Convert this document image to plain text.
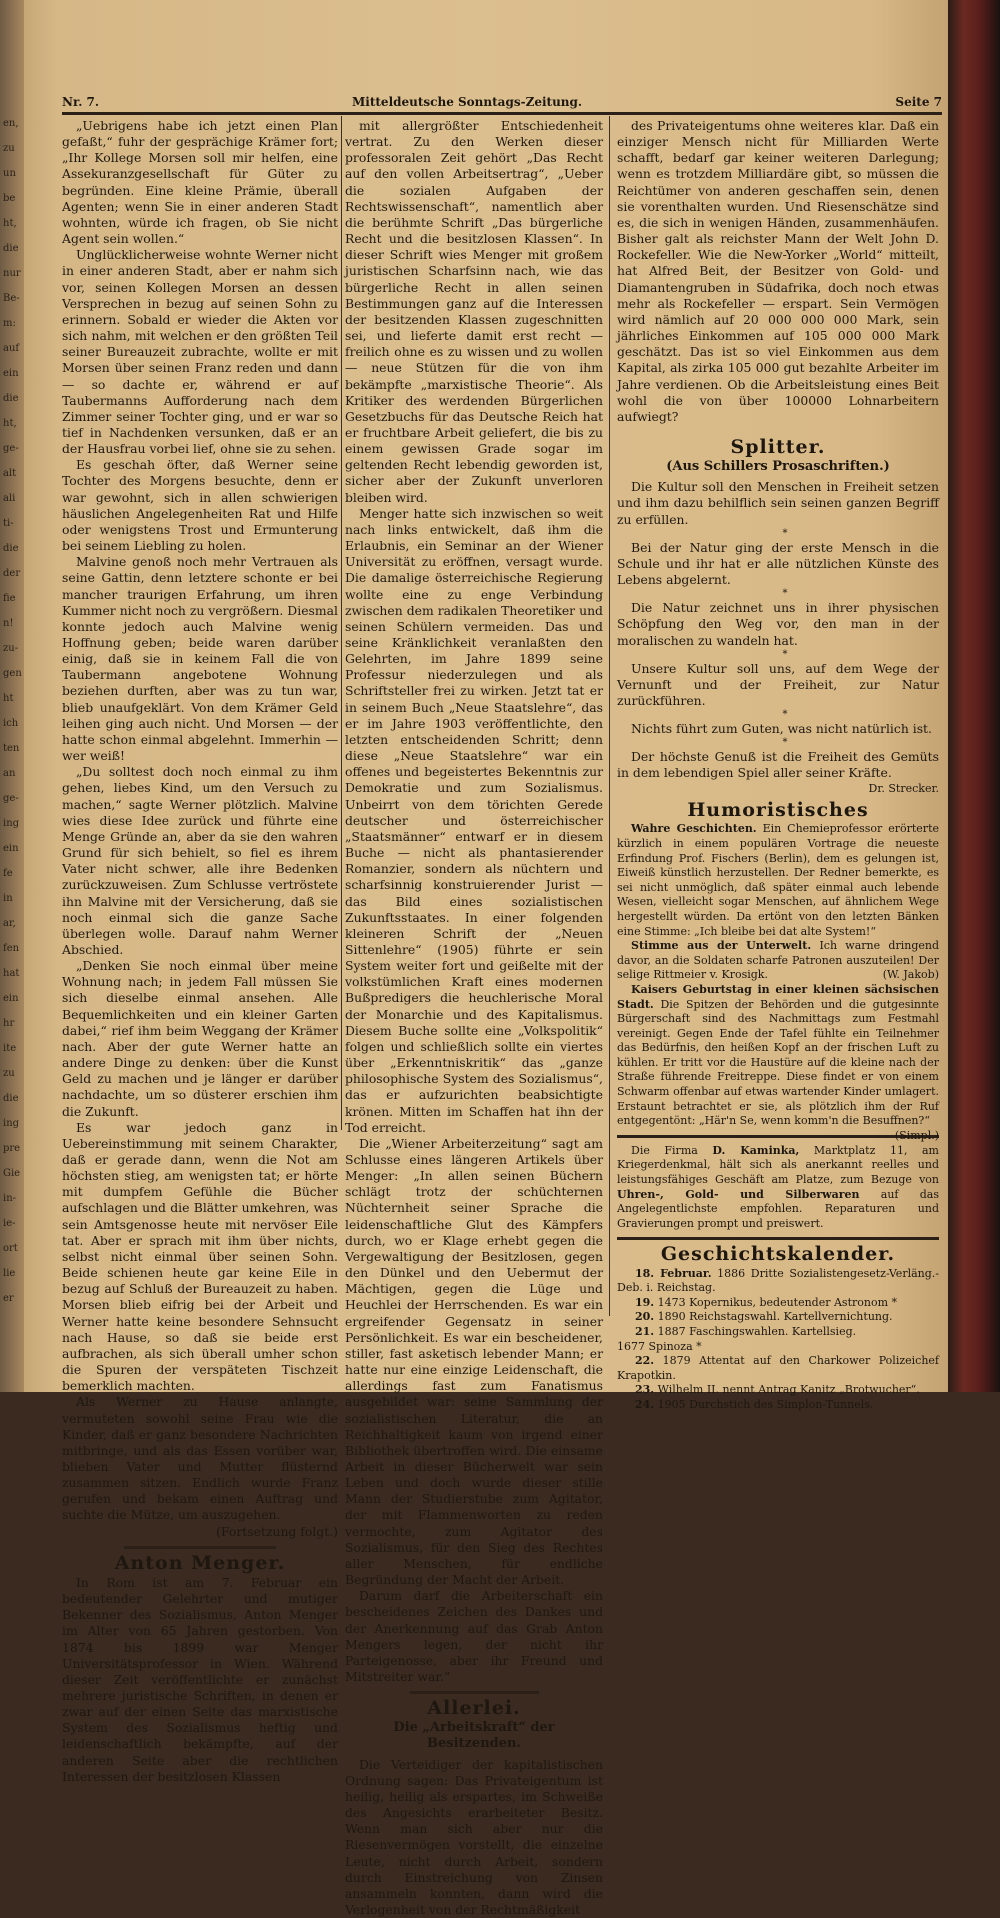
en,
zu
un
be
ht,
die
nur
Be-
m:
auf
ein
die
ht,
ge-
alt
ali
ti-
die
der
fie
n!
zu-
gen
ht
ich
ten
an
ge-
ing
ein
fe
in
ar,
fen
hat
ein
hr
ite
zu
die
ing
pre
Gie
in-
ie-
ort
lie
er
Nr. 7.	Mitteldeutsche Sonntags-Zeitung.	Seite 7

„Uebrigens habe ich jetzt einen Plan gefaßt,“ fuhr der gesprächige Krämer fort; „Ihr Kollege Morsen soll mir helfen, eine Assekuranzgesellschaft für Güter zu begründen. Eine kleine Prämie, überall Agenten; wenn Sie in einer anderen Stadt wohnten, würde ich fragen, ob Sie nicht Agent sein wollen.“

Unglücklicherweise wohnte Werner nicht in einer anderen Stadt, aber er nahm sich vor, seinen Kollegen Morsen an dessen Versprechen in bezug auf seinen Sohn zu erinnern. Sobald er wieder die Akten vor sich nahm, mit welchen er den größten Teil seiner Bureauzeit zubrachte, wollte er mit Morsen über seinen Franz reden und dann — so dachte er, während er auf Taubermanns Aufforderung nach dem Zimmer seiner Tochter ging, und er war so tief in Nachdenken versunken, daß er an der Hausfrau vorbei lief, ohne sie zu sehen.

Es geschah öfter, daß Werner seine Tochter des Morgens besuchte, denn er war gewohnt, sich in allen schwierigen häuslichen Angelegenheiten Rat und Hilfe oder wenigstens Trost und Ermunterung bei seinem Liebling zu holen.

Malvine genoß noch mehr Vertrauen als seine Gattin, denn letztere schonte er bei mancher traurigen Erfahrung, um ihren Kummer nicht noch zu vergrößern. Diesmal konnte jedoch auch Malvine wenig Hoffnung geben; beide waren darüber einig, daß sie in keinem Fall die von Taubermann angebotene Wohnung beziehen durften, aber was zu tun war, blieb unaufgeklärt. Von dem Krämer Geld leihen ging auch nicht. Und Morsen — der hatte schon einmal abgelehnt. Immerhin — wer weiß!

„Du solltest doch noch einmal zu ihm gehen, liebes Kind, um den Versuch zu machen,“ sagte Werner plötzlich. Malvine wies diese Idee zurück und führte eine Menge Gründe an, aber da sie den wahren Grund für sich behielt, so fiel es ihrem Vater nicht schwer, alle ihre Bedenken zurückzuweisen. Zum Schlusse vertröstete ihn Malvine mit der Versicherung, daß sie noch einmal sich die ganze Sache überlegen wolle. Darauf nahm Werner Abschied.

„Denken Sie noch einmal über meine Wohnung nach; in jedem Fall müssen Sie sich dieselbe einmal ansehen. Alle Bequemlichkeiten und ein kleiner Garten dabei,“ rief ihm beim Weggang der Krämer nach. Aber der gute Werner hatte an andere Dinge zu denken: über die Kunst Geld zu machen und je länger er darüber nachdachte, um so düsterer erschien ihm die Zukunft.

Es war jedoch ganz in Uebereinstimmung mit seinem Charakter, daß er gerade dann, wenn die Not am höchsten stieg, am wenigsten tat; er hörte mit dumpfem Gefühle die Bücher aufschlagen und die Blätter umkehren, was sein Amtsgenosse heute mit nervöser Eile tat. Aber er sprach mit ihm über nichts, selbst nicht einmal über seinen Sohn. Beide schienen heute gar keine Eile in bezug auf Schluß der Bureauzeit zu haben. Morsen blieb eifrig bei der Arbeit und Werner hatte keine besondere Sehnsucht nach Hause, so daß sie beide erst aufbrachen, als sich überall umher schon die Spuren der verspäteten Tischzeit bemerklich machten.

Als Werner zu Hause anlangte, vermuteten sowohl seine Frau wie die Kinder, daß er ganz besondere Nachrichten mitbringe, und als das Essen vorüber war, blieben Vater und Mutter flüsternd zusammen sitzen. Endlich wurde Franz gerufen und bekam einen Auftrag und suchte die Mütze, um auszugehen.

(Fortsetzung folgt.)

Anton Menger.

In Rom ist am 7. Februar ein bedeutender Gelehrter und mutiger Bekenner des Sozialismus, Anton Menger im Alter von 65 Jahren gestorben. Von 1874 bis 1899 war Menger Universitätsprofessor in Wien. Während dieser Zeit veröffentlichte er zunächst mehrere juristische Schriften, in denen er zwar auf der einen Seite das marxistische System des Sozialismus heftig und leidenschaftlich bekämpfte, auf der anderen Seite aber die rechtlichen Interessen der besitzlosen Klassen

mit allergrößter Entschiedenheit vertrat. Zu den Werken dieser professoralen Zeit gehört „Das Recht auf den vollen Arbeitsertrag“, „Ueber die sozialen Aufgaben der Rechtswissenschaft“, namentlich aber die berühmte Schrift „Das bürgerliche Recht und die besitzlosen Klassen“. In dieser Schrift wies Menger mit großem juristischen Scharfsinn nach, wie das bürgerliche Recht in allen seinen Bestimmungen ganz auf die Interessen der besitzenden Klassen zugeschnitten sei, und lieferte damit erst recht — freilich ohne es zu wissen und zu wollen — neue Stützen für die von ihm bekämpfte „marxistische Theorie“. Als Kritiker des werdenden Bürgerlichen Gesetzbuchs für das Deutsche Reich hat er fruchtbare Arbeit geliefert, die bis zu einem gewissen Grade sogar im geltenden Recht lebendig geworden ist, sicher aber der Zukunft unverloren bleiben wird.

Menger hatte sich inzwischen so weit nach links entwickelt, daß ihm die Erlaubnis, ein Seminar an der Wiener Universität zu eröffnen, versagt wurde. Die damalige österreichische Regierung wollte eine zu enge Verbindung zwischen dem radikalen Theoretiker und seinen Schülern vermeiden. Das und seine Kränklichkeit veranlaßten den Gelehrten, im Jahre 1899 seine Professur niederzulegen und als Schriftsteller frei zu wirken. Jetzt tat er in seinem Buch „Neue Staatslehre“, das er im Jahre 1903 veröffentlichte, den letzten entscheidenden Schritt; denn diese „Neue Staatslehre“ war ein offenes und begeistertes Bekenntnis zur Demokratie und zum Sozialismus. Unbeirrt von dem törichten Gerede deutscher und österreichischer „Staatsmänner“ entwarf er in diesem Buche — nicht als phantasierender Romanzier, sondern als nüchtern und scharfsinnig konstruierender Jurist — das Bild eines sozialistischen Zukunftsstaates. In einer folgenden kleineren Schrift der „Neuen Sittenlehre“ (1905) führte er sein System weiter fort und geißelte mit der volkstümlichen Kraft eines modernen Bußpredigers die heuchlerische Moral der Monarchie und des Kapitalismus. Diesem Buche sollte eine „Volkspolitik“ folgen und schließlich sollte ein viertes über „Erkenntniskritik“ das „ganze philosophische System des Sozialismus“, das er aufzurichten beabsichtigte krönen. Mitten im Schaffen hat ihn der Tod erreicht.

Die „Wiener Arbeiterzeitung“ sagt am Schlusse eines längeren Artikels über Menger: „In allen seinen Büchern schlägt trotz der schüchternen Nüchternheit seiner Sprache die leidenschaftliche Glut des Kämpfers durch, wo er Klage erhebt gegen die Vergewaltigung der Besitzlosen, gegen den Dünkel und den Uebermut der Mächtigen, gegen die Lüge und Heuchlei der Herrschenden. Es war ein ergreifender Gegensatz in seiner Persönlichkeit. Es war ein bescheidener, stiller, fast asketisch lebender Mann; er hatte nur eine einzige Leidenschaft, die allerdings fast zum Fanatismus ausgebildet war: seine Sammlung der sozialistischen Literatur, die an Reichhaltigkeit kaum von irgend einer Bibliothek übertroffen wird. Die einsame Arbeit in dieser Bücherwelt war sein Leben und doch wurde dieser stille Mann der Studierstube zum Agitator, der mit Flammenworten zu reden vermochte, zum Agitator des Sozialismus, für den Sieg des Rechtes aller Menschen, für endliche Begründung der Macht der Arbeit.

Darum darf die Arbeiterschaft ein bescheidenes Zeichen des Dankes und der Anerkennung auf das Grab Anton Mengers legen, der nicht ihr Parteigenosse, aber ihr Freund und Mitstreiter war.“

Allerlei.
Die „Arbeitskraft“ der Besitzenden.

Die Verteidiger der kapitalistischen Ordnung sagen: Das Privateigentum ist heilig, heilig als erspartes, im Schweiße des Angesichts erarbeiteter Besitz. Wenn man sich aber nur die Riesenvermögen vorstellt, die einzelne Leute, nicht durch Arbeit, sondern durch Einstreichung von Zinsen ansammeln konnten, dann wird die Verlogenheit von der Rechtmäßigkeit

des Privateigentums ohne weiteres klar. Daß ein einziger Mensch nicht für Milliarden Werte schafft, bedarf gar keiner weiteren Darlegung; wenn es trotzdem Milliardäre gibt, so müssen die Reichtümer von anderen geschaffen sein, denen sie vorenthalten wurden. Und Riesenschätze sind es, die sich in wenigen Händen, zusammenhäufen. Bisher galt als reichster Mann der Welt John D. Rockefeller. Wie die New-Yorker „World“ mitteilt, hat Alfred Beit, der Besitzer von Gold- und Diamantengruben in Südafrika, doch noch etwas mehr als Rockefeller — erspart. Sein Vermögen wird nämlich auf 20 000 000 000 Mark, sein jährliches Einkommen auf 105 000 000 Mark geschätzt. Das ist so viel Einkommen aus dem Kapital, als zirka 105 000 gut bezahlte Arbeiter im Jahre verdienen. Ob die Arbeitsleistung eines Beit wohl die von über 100000 Lohnarbeitern aufwiegt?

Splitter.
(Aus Schillers Prosaschriften.)

Die Kultur soll den Menschen in Freiheit setzen und ihm dazu behilflich sein seinen ganzen Begriff zu erfüllen.

*

Bei der Natur ging der erste Mensch in die Schule und ihr hat er alle nützlichen Künste des Lebens abgelernt.

*

Die Natur zeichnet uns in ihrer physischen Schöpfung den Weg vor, den man in der moralischen zu wandeln hat.

*

Unsere Kultur soll uns, auf dem Wege der Vernunft und der Freiheit, zur Natur zurückführen.

*

Nichts führt zum Guten, was nicht natürlich ist.

*

Der höchste Genuß ist die Freiheit des Gemüts in dem lebendigen Spiel aller seiner Kräfte.

Dr. Strecker.

Humoristisches

Wahre Geschichten. Ein Chemieprofessor erörterte kürzlich in einem populären Vortrage die neueste Erfindung Prof. Fischers (Berlin), dem es gelungen ist, Eiweiß künstlich herzustellen. Der Redner bemerkte, es sei nicht unmöglich, daß später einmal auch lebende Wesen, vielleicht sogar Menschen, auf ähnlichem Wege hergestellt würden. Da ertönt von den letzten Bänken eine Stimme: „Ich bleibe bei dat alte System!“

Stimme aus der Unterwelt. Ich warne dringend davor, an die Soldaten scharfe Patronen auszuteilen! Der selige Rittmeier v. Krosigk.	(W. Jakob)

Kaisers Geburtstag in einer kleinen sächsischen Stadt. Die Spitzen der Behörden und die gutgesinnte Bürgerschaft sind des Nachmittags zum Festmahl vereinigt. Gegen Ende der Tafel fühlte ein Teilnehmer das Bedürfnis, den heißen Kopf an der frischen Luft zu kühlen. Er tritt vor die Haustüre auf die kleine nach der Straße führende Freitreppe. Diese findet er von einem Schwarm offenbar auf etwas wartender Kinder umlagert. Erstaunt betrachtet er sie, als plötzlich ihm der Ruf entgegentönt: „Här'n Se, wenn komm'n die Besuffnen?“
(Simpl.)

Die Firma D. Kaminka, Marktplatz 11, am Kriegerdenkmal, hält sich als anerkannt reelles und leistungsfähiges Geschäft am Platze, zum Bezuge von Uhren-, Gold- und Silberwaren auf das Angelegentlichste empfohlen. Reparaturen und Gravierungen prompt und preiswert.

Geschichtskalender.

18. Februar. 1886 Dritte Sozialistengesetz-Verläng.-Deb. i. Reichstag.

19. 1473 Kopernikus, bedeutender Astronom *

20. 1890 Reichstagswahl. Kartellvernichtung.

21. 1887 Faschingswahlen. Kartellsieg.

1677 Spinoza *

22. 1879 Attentat auf den Charkower Polizeichef Krapotkin.

23. Wilhelm II. nennt Antrag Kanitz „Brotwucher“.

24. 1905 Durchstich des Simplon-Tunnels.
